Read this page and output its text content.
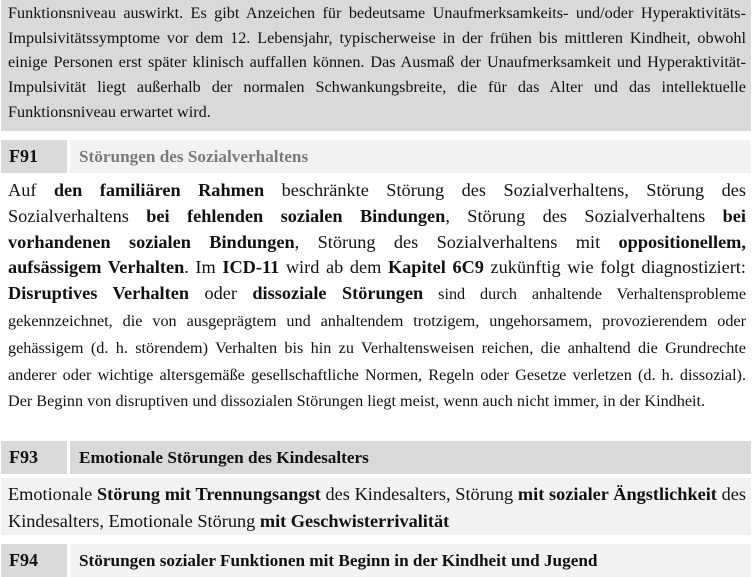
Funktionsniveau auswirkt. Es gibt Anzeichen für bedeutsame Unaufmerksamkeits- und/oder Hyperaktivitäts-Impulsivitätssymptome vor dem 12. Lebensjahr, typischerweise in der frühen bis mittleren Kindheit, obwohl einige Personen erst später klinisch auffallen können. Das Ausmaß der Unaufmerksamkeit und Hyperaktivität-Impulsivität liegt außerhalb der normalen Schwankungsbreite, die für das Alter und das intellektuelle Funktionsniveau erwartet wird.
F91	Störungen des Sozialverhaltens
Auf den familiären Rahmen beschränkte Störung des Sozialverhaltens, Störung des Sozialverhaltens bei fehlenden sozialen Bindungen, Störung des Sozialverhaltens bei vorhandenen sozialen Bindungen, Störung des Sozialverhaltens mit oppositionellem, aufsässigem Verhalten. Im ICD-11 wird ab dem Kapitel 6C9 zukünftig wie folgt diagnostiziert: Disruptives Verhalten oder dissoziale Störungen sind durch anhaltende Verhaltensprobleme gekennzeichnet, die von ausgeprägtem und anhaltendem trotzigem, ungehorsamem, provozierendem oder gehässigem (d. h. störendem) Verhalten bis hin zu Verhaltensweisen reichen, die anhaltend die Grundrechte anderer oder wichtige altersgemäße gesellschaftliche Normen, Regeln oder Gesetze verletzen (d. h. dissozial). Der Beginn von disruptiven und dissozialen Störungen liegt meist, wenn auch nicht immer, in der Kindheit.
F93	Emotionale Störungen des Kindesalters
Emotionale Störung mit Trennungsangst des Kindesalters, Störung mit sozialer Ängstlichkeit des Kindesalters, Emotionale Störung mit Geschwisterrivalität
F94	Störungen sozialer Funktionen mit Beginn in der Kindheit und Jugend
